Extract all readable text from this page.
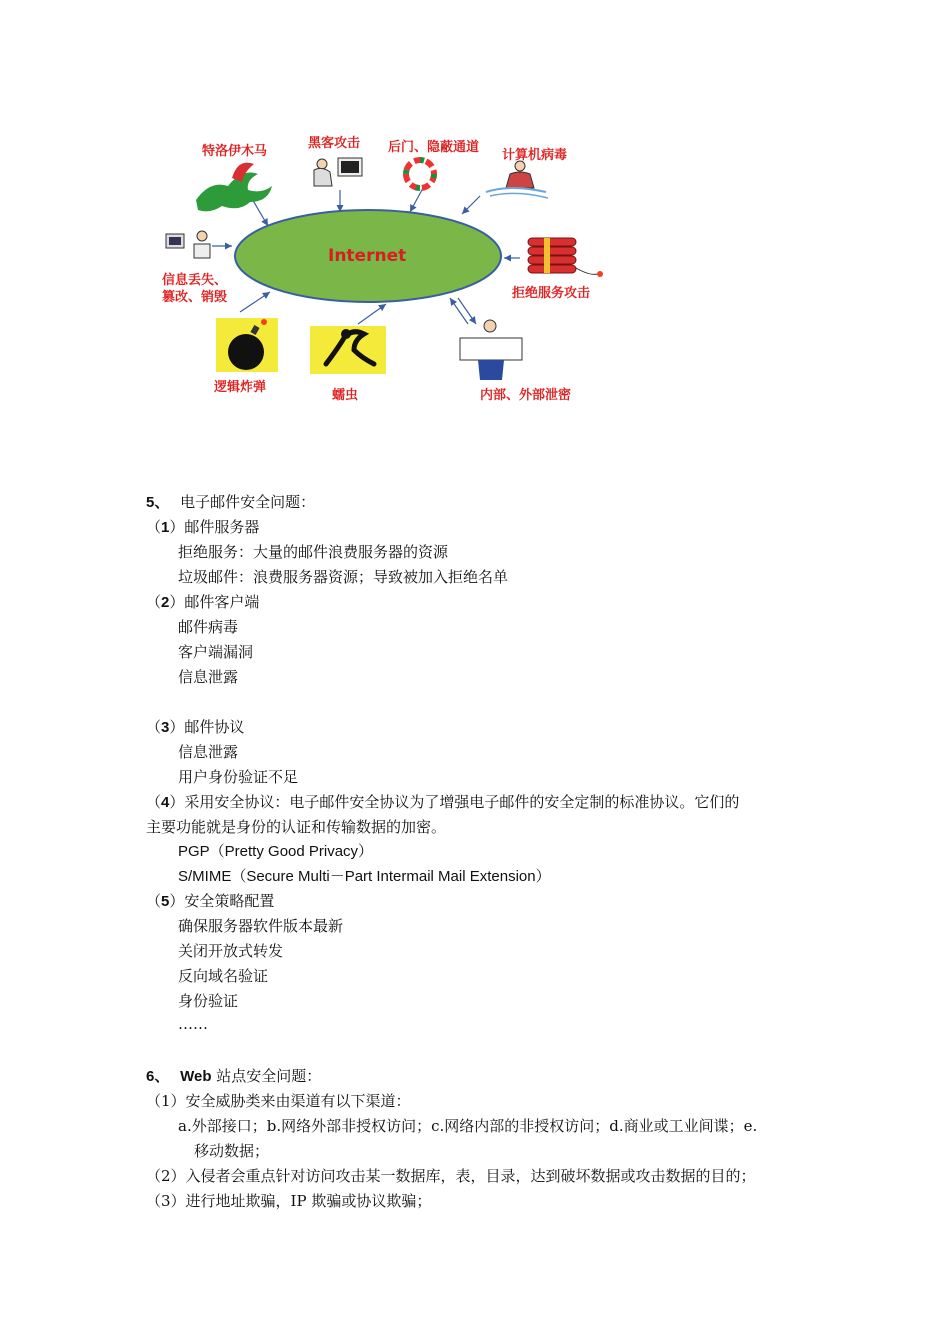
Internet
特洛伊木马
黑客攻击 后门、隐蔽通道
计算机病毒
信息丢失、
篡改、销毁	拒绝服务攻击
逻辑炸弹
蠕虫	内部、外部泄密
5、 电子邮件安全问题：
（1）邮件服务器
拒绝服务：大量的邮件浪费服务器的资源
垃圾邮件：浪费服务器资源；导致被加入拒绝名单
（2）邮件客户端
邮件病毒
客户端漏洞
信息泄露
（3）邮件协议
信息泄露
用户身份验证不足
（4）采用安全协议：电子邮件安全协议为了增强电子邮件的安全定制的标准协议。它们的
主要功能就是身份的认证和传输数据的加密。
PGP（Pretty Good Privacy）
S/MIME（Secure Multi－Part Intermail Mail Extension）
（5）安全策略配置
确保服务器软件版本最新
关闭开放式转发
反向域名验证
身份验证
……
6、 Web 站点安全问题：
（1）安全威胁类来由渠道有以下渠道：
a.外部接口；b.网络外部非授权访问；c.网络内部的非授权访问；d.商业或工业间谍；e.
移动数据；
（2）入侵者会重点针对访问攻击某一数据库，表，目录，达到破坏数据或攻击数据的目的；
（3）进行地址欺骗，IP 欺骗或协议欺骗；
